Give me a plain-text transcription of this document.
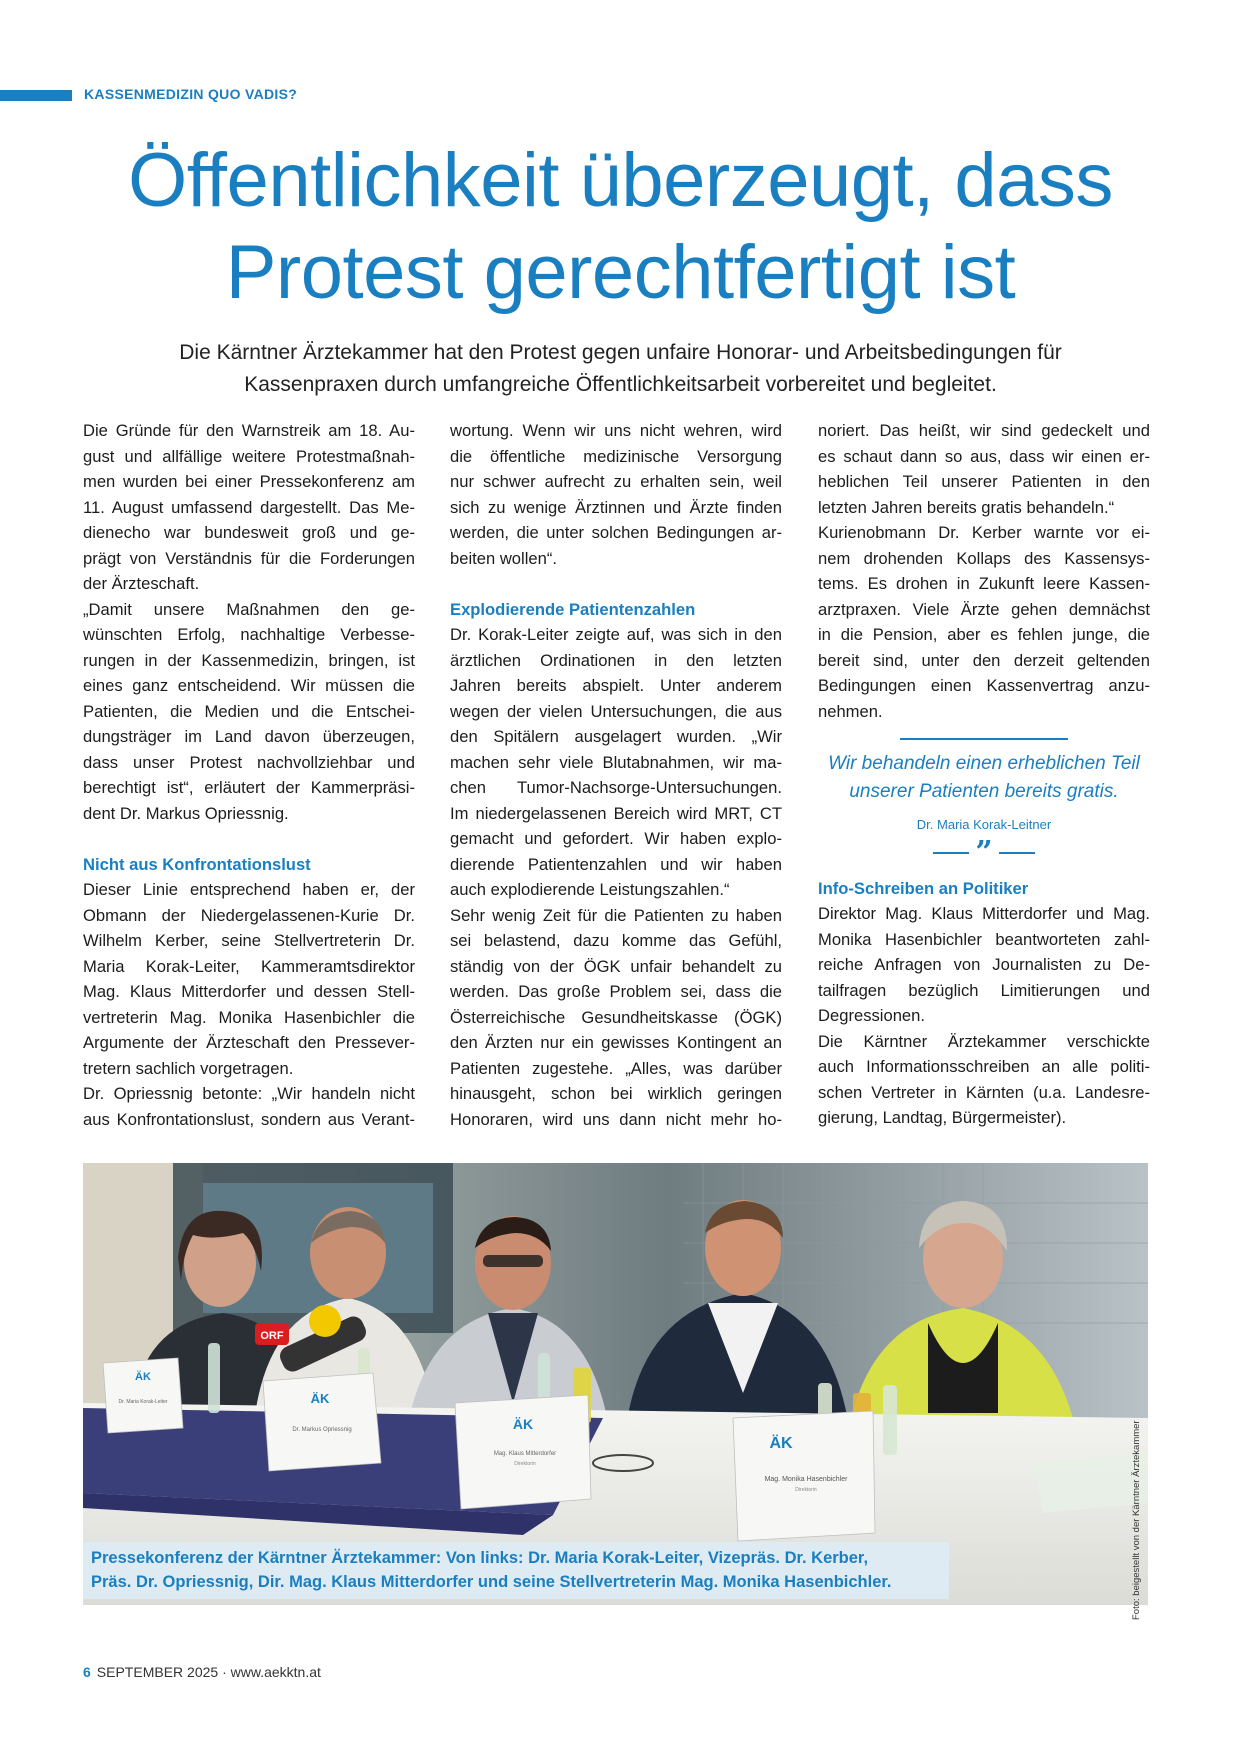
KASSENMEDIZIN QUO VADIS?
Öffentlichkeit überzeugt, dass
Protest gerechtfertigt ist

Die Kärntner Ärztekammer hat den Protest gegen unfaire Honorar- und Arbeitsbedingungen für
Kassenpraxen durch umfangreiche Öffentlichkeitsarbeit vorbereitet und begleitet.

Die Gründe für den Warnstreik am 18. Au-
gust und allfällige weitere Protestmaßnah-
men wurden bei einer Pressekonferenz am
11. August umfassend dargestellt. Das Me-
dienecho war bundesweit groß und ge-
prägt von Verständnis für die Forderungen
der Ärzteschaft.

„Damit unsere Maßnahmen den ge-
wünschten Erfolg, nachhaltige Verbesse-
rungen in der Kassenmedizin, bringen, ist
eines ganz entscheidend. Wir müssen die
Patienten, die Medien und die Entschei-
dungsträger im Land davon überzeugen,
dass unser Protest nachvollziehbar und
berechtigt ist“, erläutert der Kammerpräsi-
dent Dr. Markus Opriessnig.

Nicht aus Konfrontationslust

Dieser Linie entsprechend haben er, der
Obmann der Niedergelassenen-Kurie Dr.
Wilhelm Kerber, seine Stellvertreterin Dr.
Maria Korak-Leiter, Kammeramtsdirektor
Mag. Klaus Mitterdorfer und dessen Stell-
vertreterin Mag. Monika Hasenbichler die
Argumente der Ärzteschaft den Pressever-
tretern sachlich vorgetragen.

Dr. Opriessnig betonte: „Wir handeln nicht
aus Konfrontationslust, sondern aus Verant-

wortung. Wenn wir uns nicht wehren, wird
die öffentliche medizinische Versorgung
nur schwer aufrecht zu erhalten sein, weil
sich zu wenige Ärztinnen und Ärzte finden
werden, die unter solchen Bedingungen ar-
beiten wollen“.

Explodierende Patientenzahlen

Dr. Korak-Leiter zeigte auf, was sich in den
ärztlichen Ordinationen in den letzten
Jahren bereits abspielt. Unter anderem
wegen der vielen Untersuchungen, die aus
den Spitälern ausgelagert wurden. „Wir
machen sehr viele Blutabnahmen, wir ma-
chen Tumor-Nachsorge-Untersuchungen.
Im niedergelassenen Bereich wird MRT, CT
gemacht und gefordert. Wir haben explo-
dierende Patientenzahlen und wir haben
auch explodierende Leistungszahlen.“

Sehr wenig Zeit für die Patienten zu haben
sei belastend, dazu komme das Gefühl,
ständig von der ÖGK unfair behandelt zu
werden. Das große Problem sei, dass die
Österreichische Gesundheitskasse (ÖGK)
den Ärzten nur ein gewisses Kontingent an
Patienten zugestehe. „Alles, was darüber
hinausgeht, schon bei wirklich geringen
Honoraren, wird uns dann nicht mehr ho-

noriert. Das heißt, wir sind gedeckelt und
es schaut dann so aus, dass wir einen er-
heblichen Teil unserer Patienten in den
letzten Jahren bereits gratis behandeln.“

Kurienobmann Dr. Kerber warnte vor ei-
nem drohenden Kollaps des Kassensys-
tems. Es drohen in Zukunft leere Kassen-
arztpraxen. Viele Ärzte gehen demnächst
in die Pension, aber es fehlen junge, die
bereit sind, unter den derzeit geltenden
Bedingungen einen Kassenvertrag anzu-
nehmen.

Wir behandeln einen erheblichen Teil
unserer Patienten bereits gratis.
Dr. Maria Korak-Leitner
”
Info-Schreiben an Politiker

Direktor Mag. Klaus Mitterdorfer und Mag.
Monika Hasenbichler beantworteten zahl-
reiche Anfragen von Journalisten zu De-
tailfragen bezüglich Limitierungen und
Degressionen.

Die Kärntner Ärztekammer verschickte
auch Informationsschreiben an alle politi-
schen Vertreter in Kärnten (u.a. Landesre-
gierung, Landtag, Bürgermeister).

ORF
ÄK
Dr. Maria Korak-Leiter	ÄK
Dr. Markus Opriessnig	ÄK
Mag. Klaus Mitterdorfer
Direktorin
ÄK
Mag. Monika Hasenbichler
Direktorin
Pressekonferenz der Kärntner Ärztekammer: Von links: Dr. Maria Korak-Leiter, Vizepräs. Dr. Kerber,
Präs. Dr. Opriessnig, Dir. Mag. Klaus Mitterdorfer und seine Stellvertreterin Mag. Monika Hasenbichler.	Foto: beigestellt von der Kärntner Ärztekammer
6 SEPTEMBER 2025 · www.aekktn.at
